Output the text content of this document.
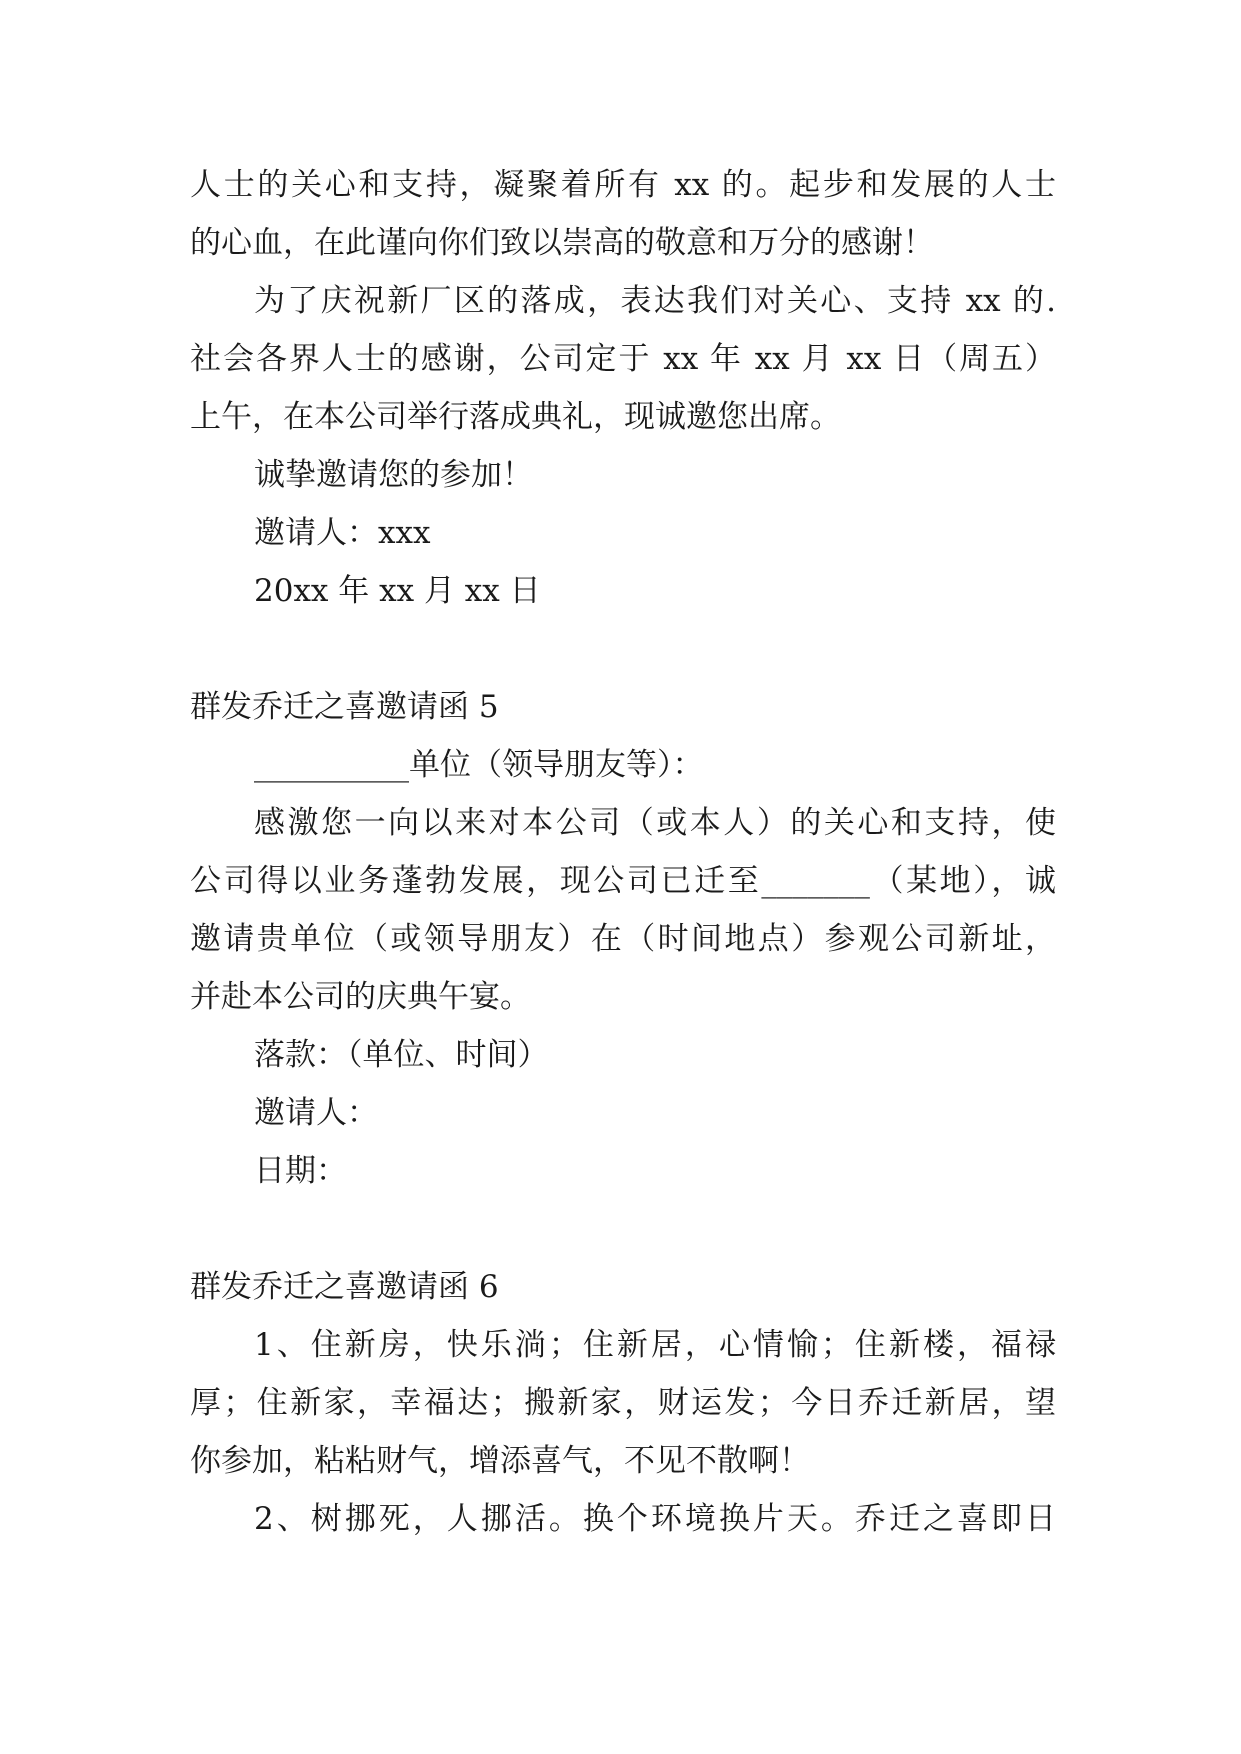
人士的关心和支持，凝聚着所有 xx 的。起步和发展的人士
的心血，在此谨向你们致以崇高的敬意和万分的感谢！
为了庆祝新厂区的落成，表达我们对关心、支持 xx 的.
社会各界人士的感谢，公司定于 xx 年 xx 月 xx 日（周五）
上午，在本公司举行落成典礼，现诚邀您出席。
诚挚邀请您的参加！
邀请人：xxx
20xx 年 xx 月 xx 日
群发乔迁之喜邀请函 5
__________单位（领导朋友等）：
感激您一向以来对本公司（或本人）的关心和支持，使
公司得以业务蓬勃发展，现公司已迁至_______（某地），诚
邀请贵单位（或领导朋友）在（时间地点）参观公司新址，
并赴本公司的庆典午宴。
落款：（单位、时间）
邀请人：
日期：
群发乔迁之喜邀请函 6
1、住新房，快乐淌；住新居，心情愉；住新楼，福禄
厚；住新家，幸福达；搬新家，财运发；今日乔迁新居，望
你参加，粘粘财气，增添喜气，不见不散啊！
2、树挪死，人挪活。换个环境换片天。乔迁之喜即日
